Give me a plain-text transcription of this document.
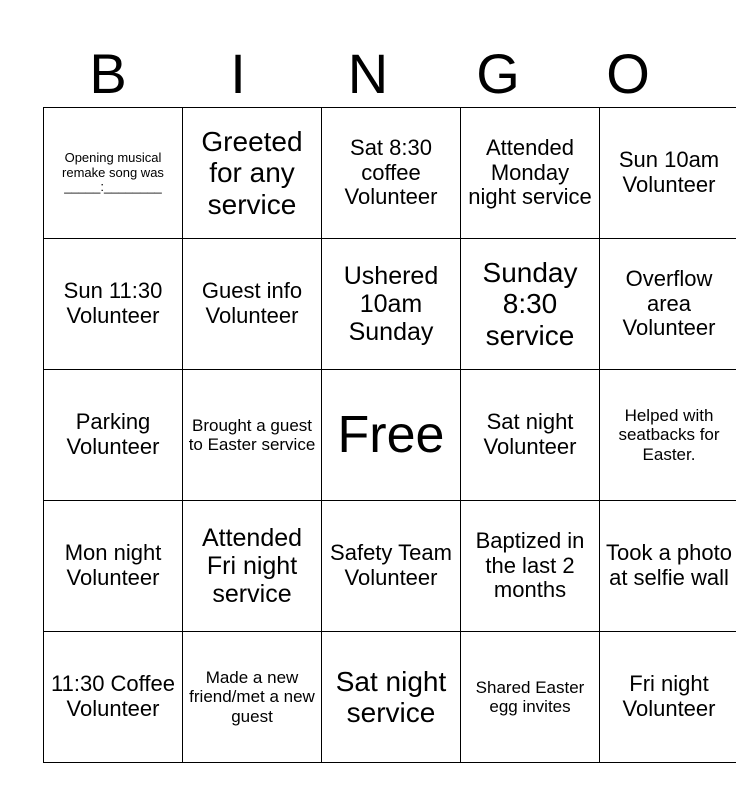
B	I	N	G	O
Opening musical remake song was _____:________	Greeted for any service	Sat 8:30 coffee Volunteer	Attended Monday night service	Sun 10am Volunteer
Sun 11:30 Volunteer	Guest info Volunteer	Ushered 10am Sunday	Sunday 8:30 service	Overflow area Volunteer
Parking Volunteer	Brought a guest to Easter service	Free	Sat night Volunteer	Helped with seatbacks for Easter.
Mon night Volunteer	Attended Fri night service	Safety Team Volunteer	Baptized in the last 2 months	Took a photo at selfie wall
11:30 Coffee Volunteer	Made a new friend/met a new guest	Sat night service	Shared Easter egg invites	Fri night Volunteer
